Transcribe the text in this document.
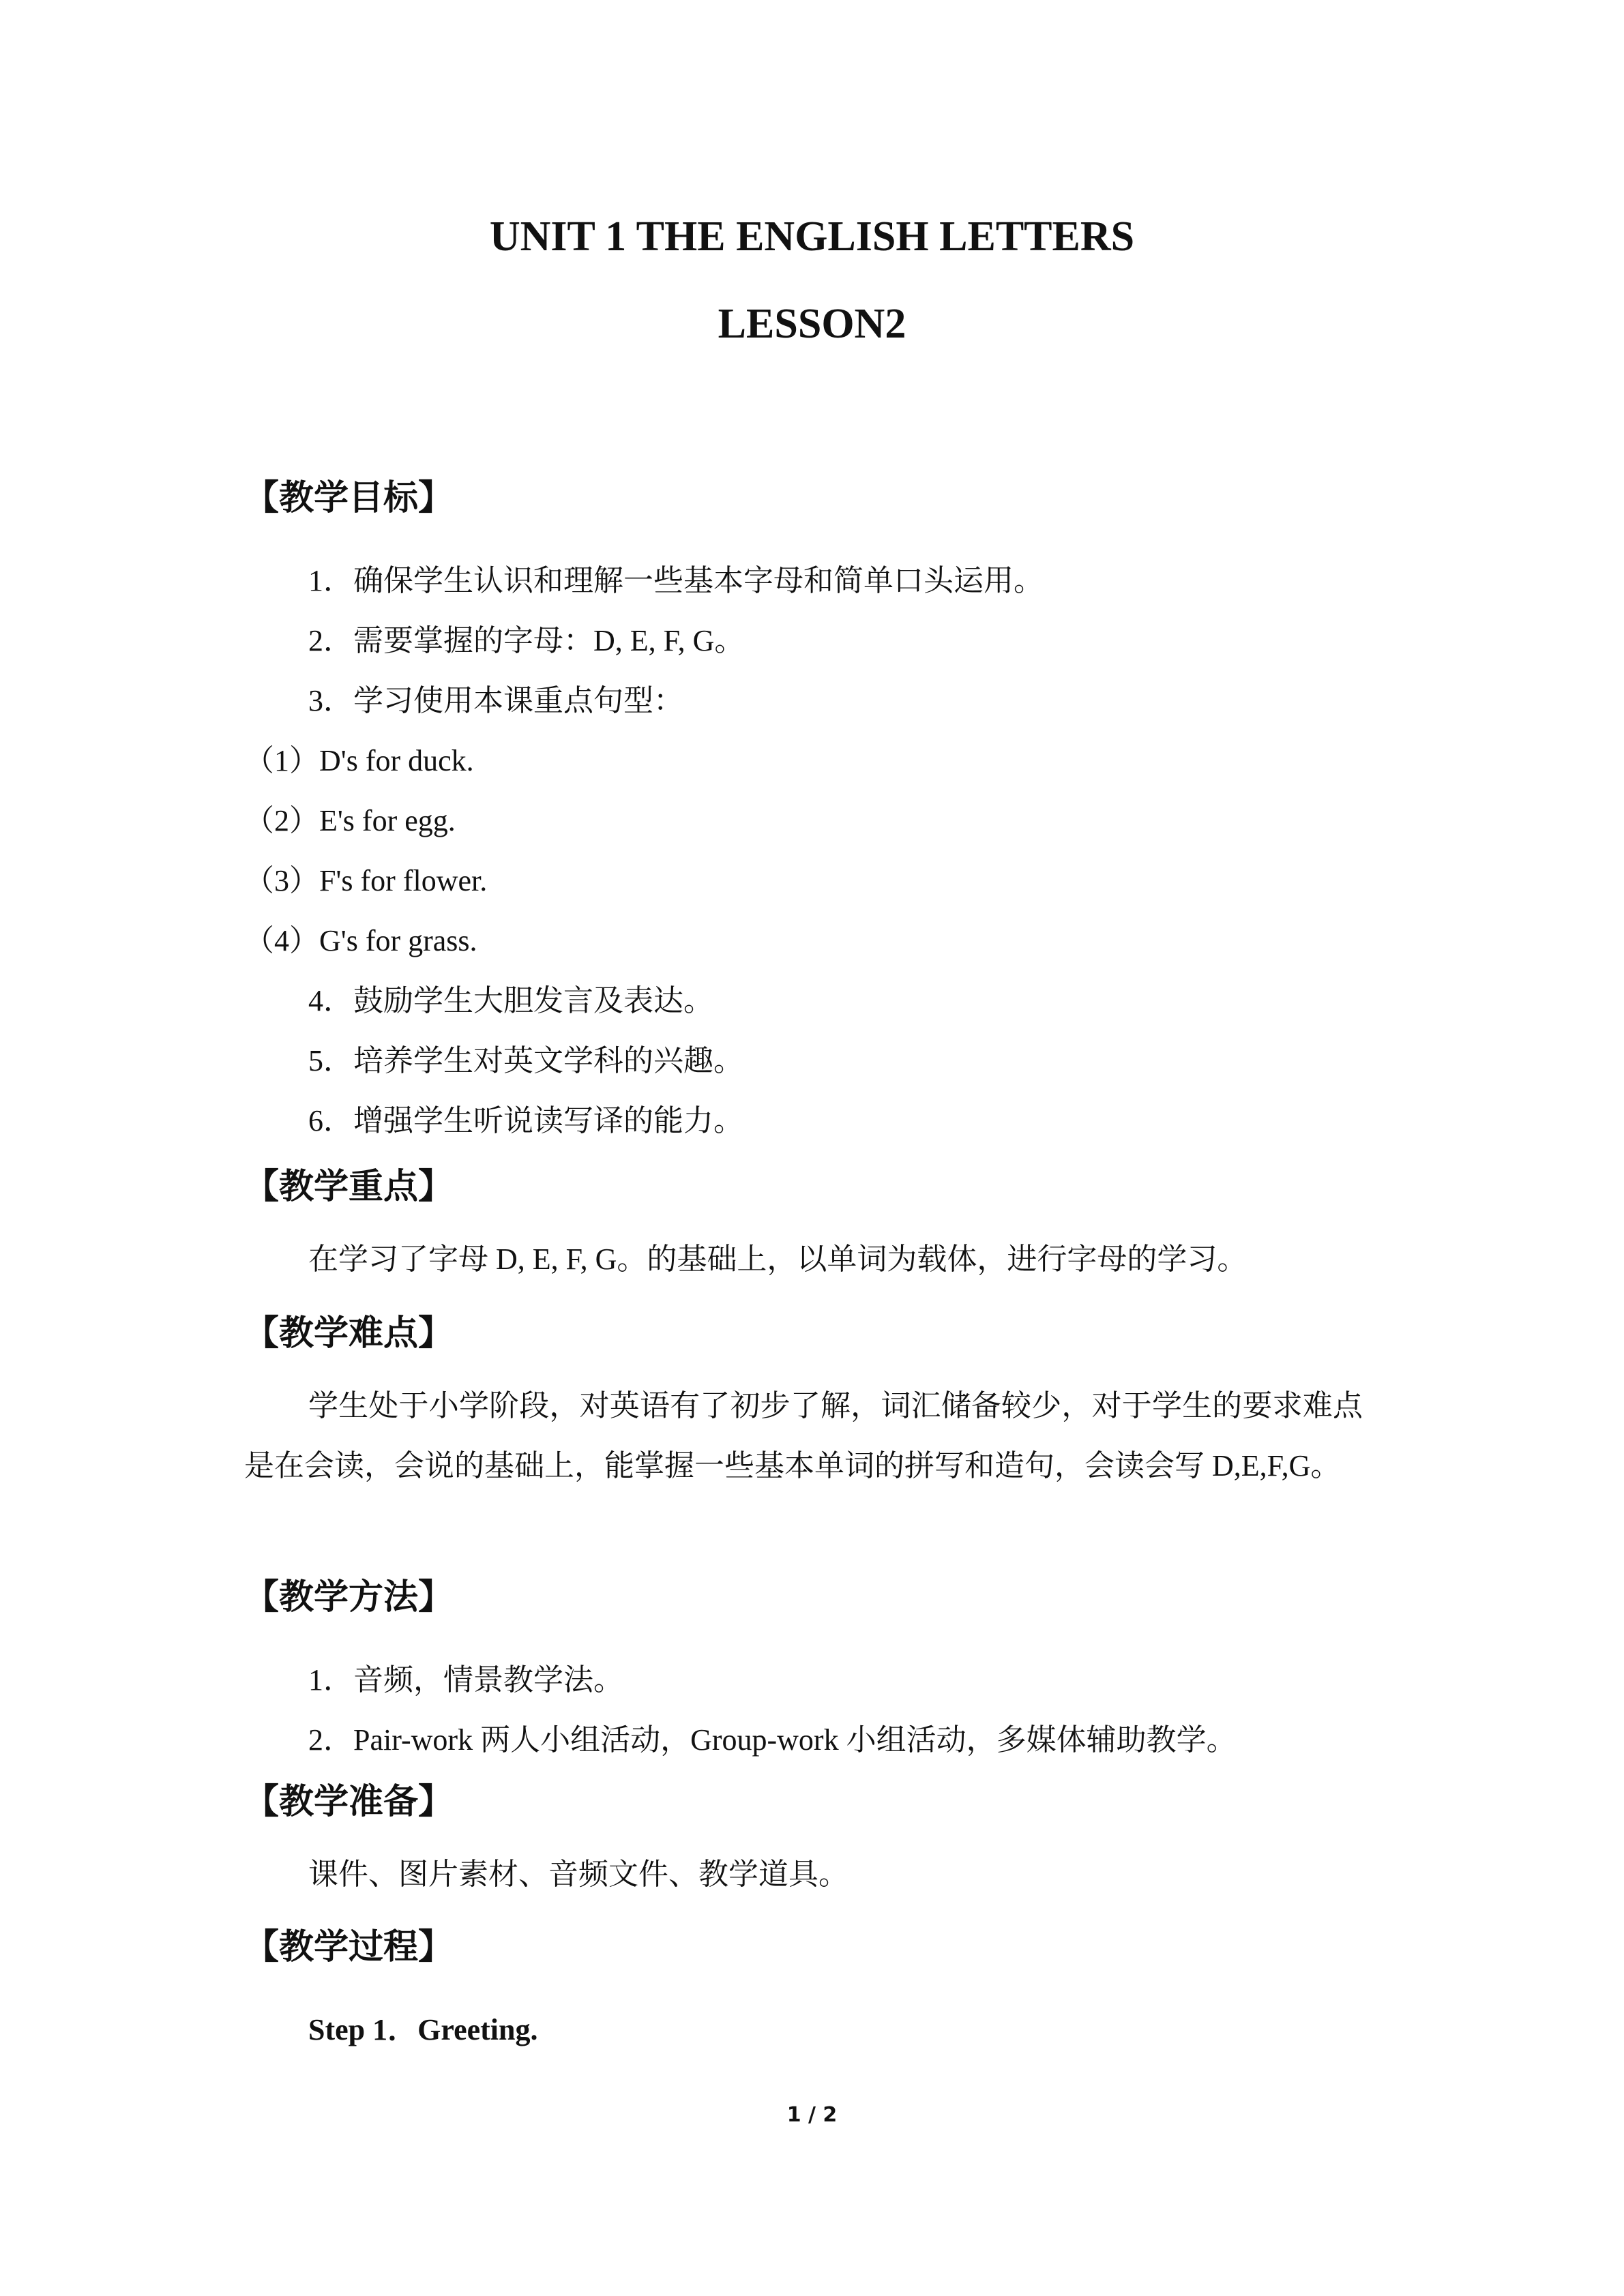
UNIT 1 THE ENGLISH LETTERS

LESSON2

【教学目标】

1．确保学生认识和理解一些基本字母和简单口头运用。

2．需要掌握的字母：D, E, F, G。

3．学习使用本课重点句型：

（1）D's for duck.

（2）E's for egg.

（3）F's for flower.

（4）G's for grass.

4．鼓励学生大胆发言及表达。

5．培养学生对英文学科的兴趣。

6．增强学生听说读写译的能力。

【教学重点】

在学习了字母 D, E, F, G。的基础上，以单词为载体，进行字母的学习。

【教学难点】

学生处于小学阶段，对英语有了初步了解，词汇储备较少，对于学生的要求难点是在会读，会说的基础上，能掌握一些基本单词的拼写和造句，会读会写 D,E,F,G。

【教学方法】

1．音频，情景教学法。

2．Pair-work 两人小组活动，Group-work 小组活动，多媒体辅助教学。

【教学准备】

课件、图片素材、音频文件、教学道具。

【教学过程】

Step 1．Greeting.

1 / 2
